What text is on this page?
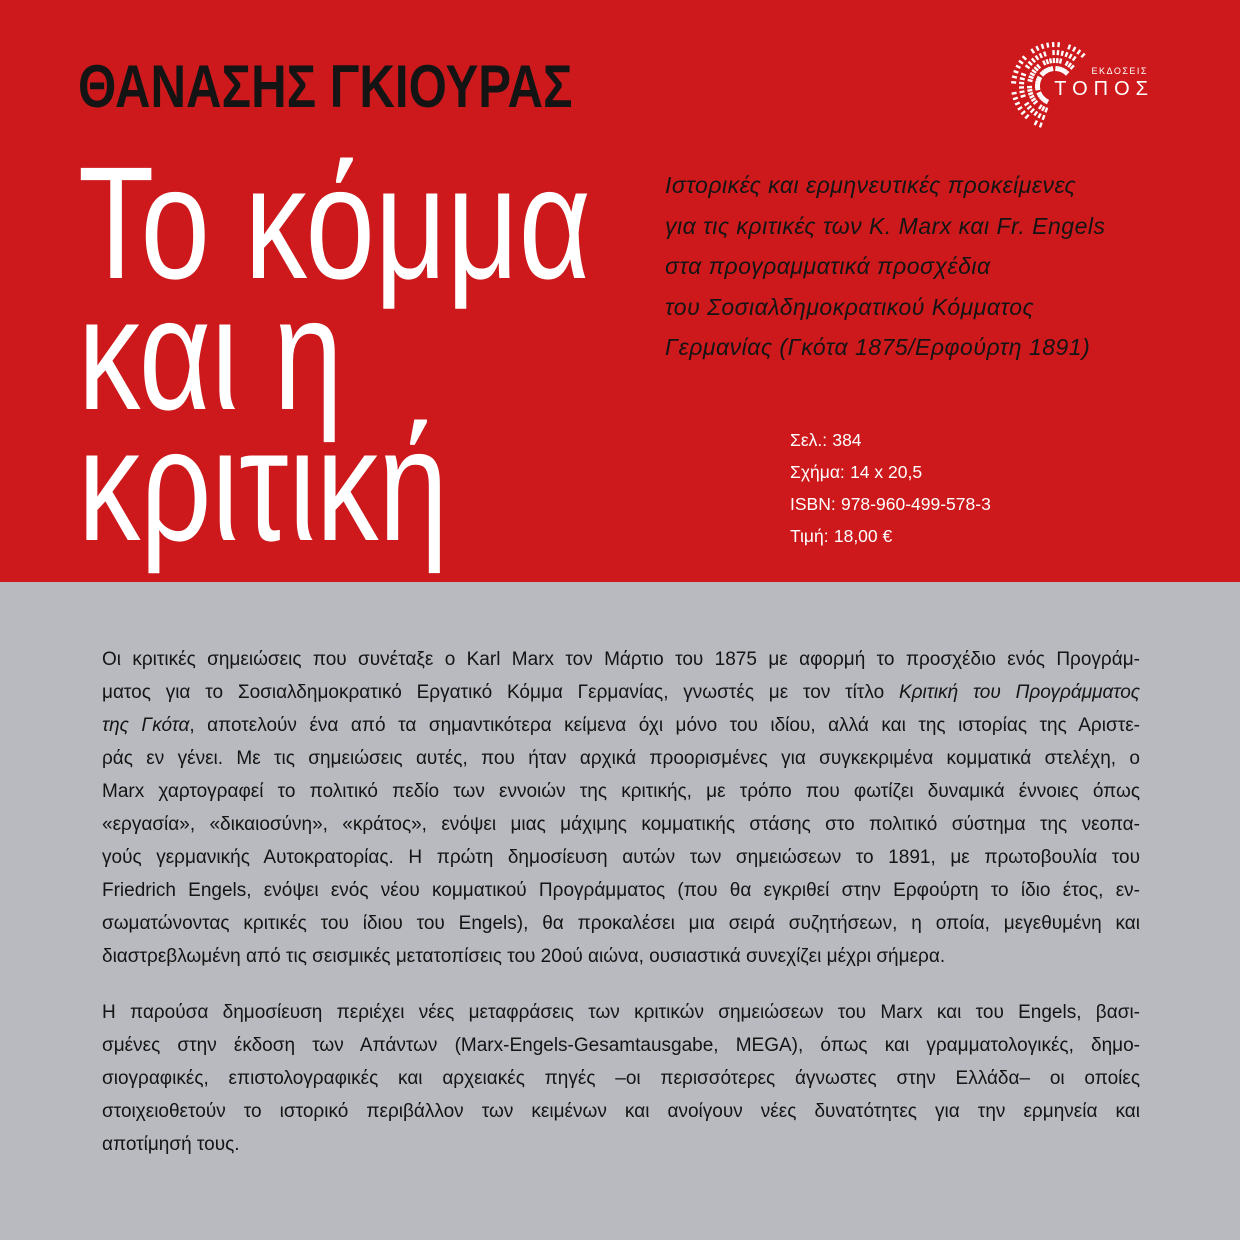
ΘΑΝΑΣΗΣ ΓΚΙΟΥΡΑΣ
Το κόμμα
και η
κριτική
Ιστορικές και ερμηνευτικές προκείμενες
για τις κριτικές των K. Marx και Fr. Engels
στα προγραμματικά προσχέδια
του Σοσιαλδημοκρατικού Κόμματος
Γερμανίας (Γκότα 1875/Ερφούρτη 1891)
Σελ.: 384
Σχήμα: 14 x 20,5
ISBN: 978-960-499-578-3
Τιμή: 18,00 €
ΕΚΔΟΣΕΙΣ
ΤΟΠΟΣ
Οι κριτικές σημειώσεις που συνέταξε ο Karl Marx τον Μάρτιο του 1875 με αφορμή το προσχέδιο ενός Προγράμ-
ματος για το Σοσιαλδημοκρατικό Εργατικό Κόμμα Γερμανίας, γνωστές με τον τίτλο Κριτική του Προγράμματος
της Γκότα, αποτελούν ένα από τα σημαντικότερα κείμενα όχι μόνο του ιδίου, αλλά και της ιστορίας της Αριστε-
ράς εν γένει. Με τις σημειώσεις αυτές, που ήταν αρχικά προορισμένες για συγκεκριμένα κομματικά στελέχη, ο
Marx χαρτογραφεί το πολιτικό πεδίο των εννοιών της κριτικής, με τρόπο που φωτίζει δυναμικά έννοιες όπως
«εργασία», «δικαιοσύνη», «κράτος», ενόψει μιας μάχιμης κομματικής στάσης στο πολιτικό σύστημα της νεοπα-
γούς γερμανικής Αυτοκρατορίας. Η πρώτη δημοσίευση αυτών των σημειώσεων το 1891, με πρωτοβουλία του
Friedrich Engels, ενόψει ενός νέου κομματικού Προγράμματος (που θα εγκριθεί στην Ερφούρτη το ίδιο έτος, εν-
σωματώνοντας κριτικές του ίδιου του Engels), θα προκαλέσει μια σειρά συζητήσεων, η οποία, μεγεθυμένη και
διαστρεβλωμένη από τις σεισμικές μετατοπίσεις του 20ού αιώνα, ουσιαστικά συνεχίζει μέχρι σήμερα.
Η παρούσα δημοσίευση περιέχει νέες μεταφράσεις των κριτικών σημειώσεων του Marx και του Engels, βασι-
σμένες στην έκδοση των Απάντων (Marx-Engels-Gesamtausgabe, MEGA), όπως και γραμματολογικές, δημο-
σιογραφικές, επιστολογραφικές και αρχειακές πηγές –οι περισσότερες άγνωστες στην Ελλάδα– οι οποίες
στοιχειοθετούν το ιστορικό περιβάλλον των κειμένων και ανοίγουν νέες δυνατότητες για την ερμηνεία και
αποτίμησή τους.
